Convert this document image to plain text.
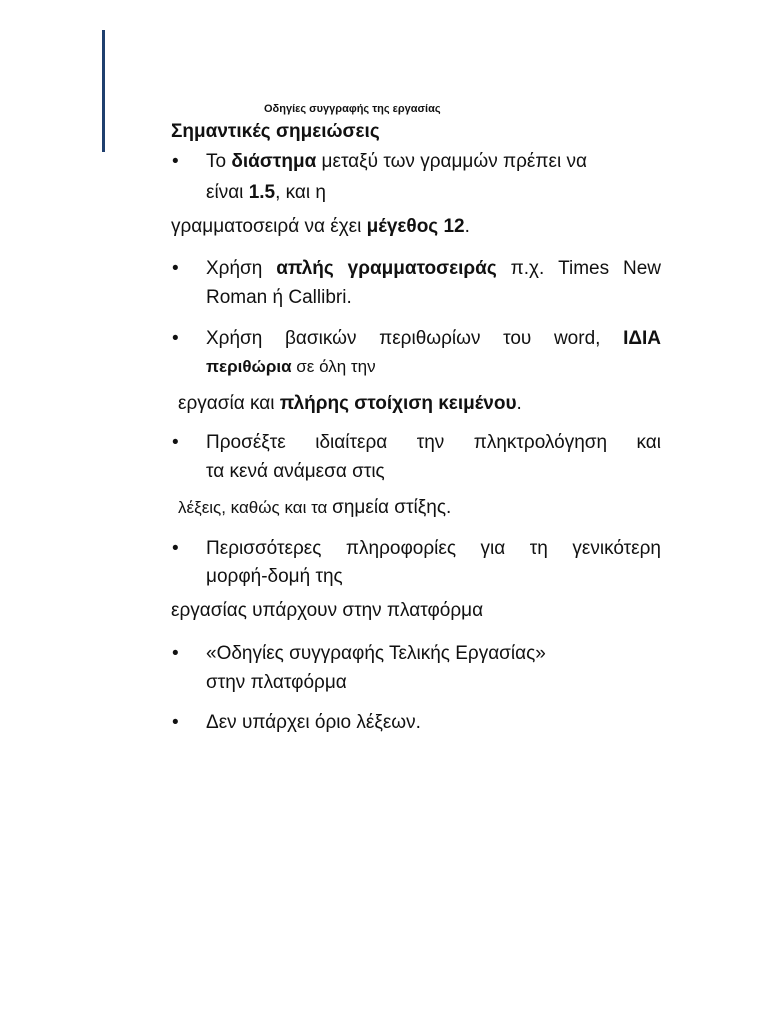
Οδηγίες συγγραφής της εργασίας
Σημαντικές σημειώσεις
• Το διάστημα μεταξύ των γραμμών πρέπει να
είναι 1.5, και η
γραμματοσειρά να έχει μέγεθος 12.
• Χρήση απλής γραμματοσειράς π.χ. Times New
Roman ή Callibri.
• Χρήση βασικών περιθωρίων του word, ΙΔΙΑ
περιθώρια σε όλη την
εργασία και πλήρης στοίχιση κειμένου.
• Προσέξτε ιδιαίτερα την πληκτρολόγηση και
τα κενά ανάμεσα στις
λέξεις, καθώς και τα σημεία στίξης.
• Περισσότερες πληροφορίες για τη γενικότερη
μορφή-δομή της
εργασίας υπάρχουν στην πλατφόρμα
• «Οδηγίες συγγραφής Τελικής Εργασίας»
στην πλατφόρμα
• Δεν υπάρχει όριο λέξεων.
